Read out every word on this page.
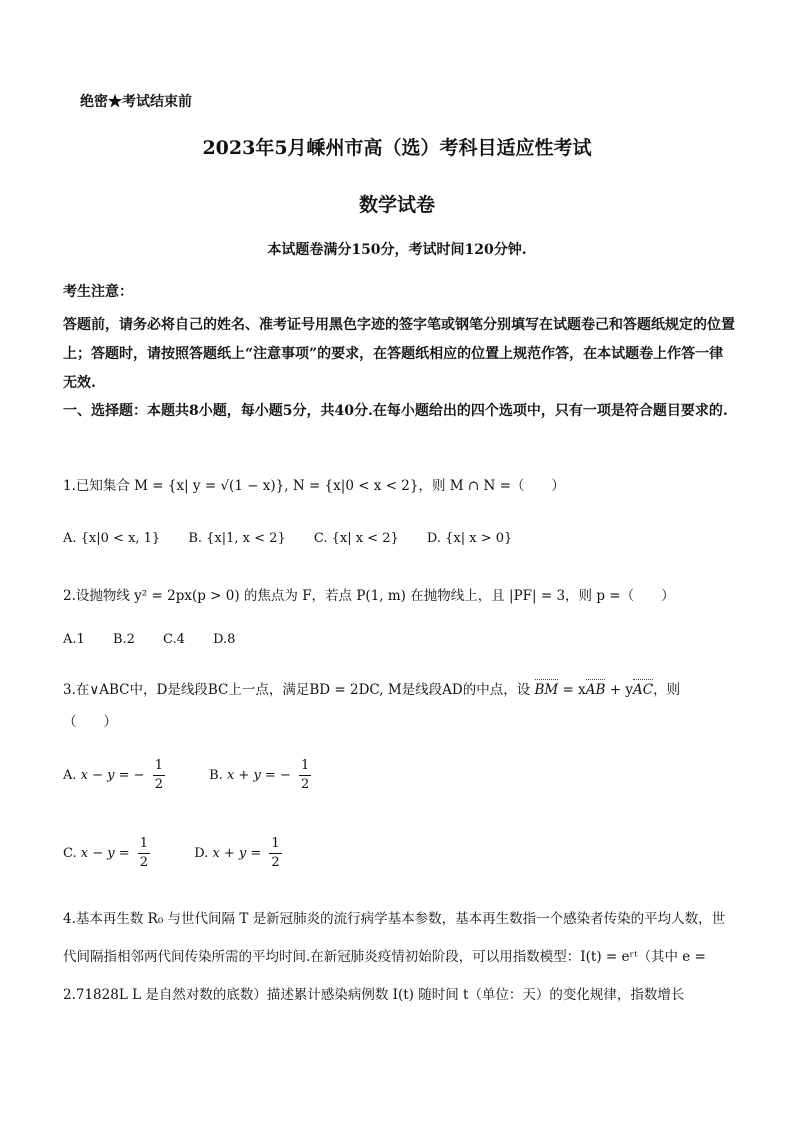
绝密★考试结束前
2023年5月嵊州市高（选）考科目适应性考试
数学试卷
本试题卷满分150分，考试时间120分钟.
考生注意：
答题前，请务必将自己的姓名、准考证号用黑色字迹的签字笔或钢笔分别填写在试题卷己和答题纸规定的位置上；答题时，请按照答题纸上“注意事项”的要求，在答题纸相应的位置上规范作答，在本试题卷上作答一律无效.
一、选择题：本题共8小题，每小题5分，共40分.在每小题给出的四个选项中，只有一项是符合题目要求的.
1.已知集合 M = {x| y = √(1 − x)}, N = {x|0 < x < 2}，则 M ∩ N =（　　）
A. {x|0 < x, 1} B. {x|1, x < 2} C. {x| x < 2} D. {x| x > 0}
2.设抛物线 y² = 2px(p > 0) 的焦点为 F，若点 P(1, m) 在抛物线上，且 |PF| = 3，则 p =（　　）
A.1 B.2 C.4 D.8
3.在∨ABC中，D是线段BC上一点，满足BD = 2DC, M是线段AD的中点，设 BM = xAB + yAC，则
（　　）
A. x − y = − $\frac{1}{2}$	B. x + y = − $\frac{1}{2}$
C. $x - y = \frac{1}{2}$	D. $x + y = \frac{1}{2}$
4.基本再生数 R₀ 与世代间隔 T 是新冠肺炎的流行病学基本参数，基本再生数指一个感染者传染的平均人数，世代间隔指相邻两代间传染所需的平均时间.在新冠肺炎疫情初始阶段，可以用指数模型：I(t) = eʳᵗ（其中 e = 2.71828L L 是自然对数的底数）描述累计感染病例数 I(t) 随时间 t（单位：天）的变化规律，指数增长
